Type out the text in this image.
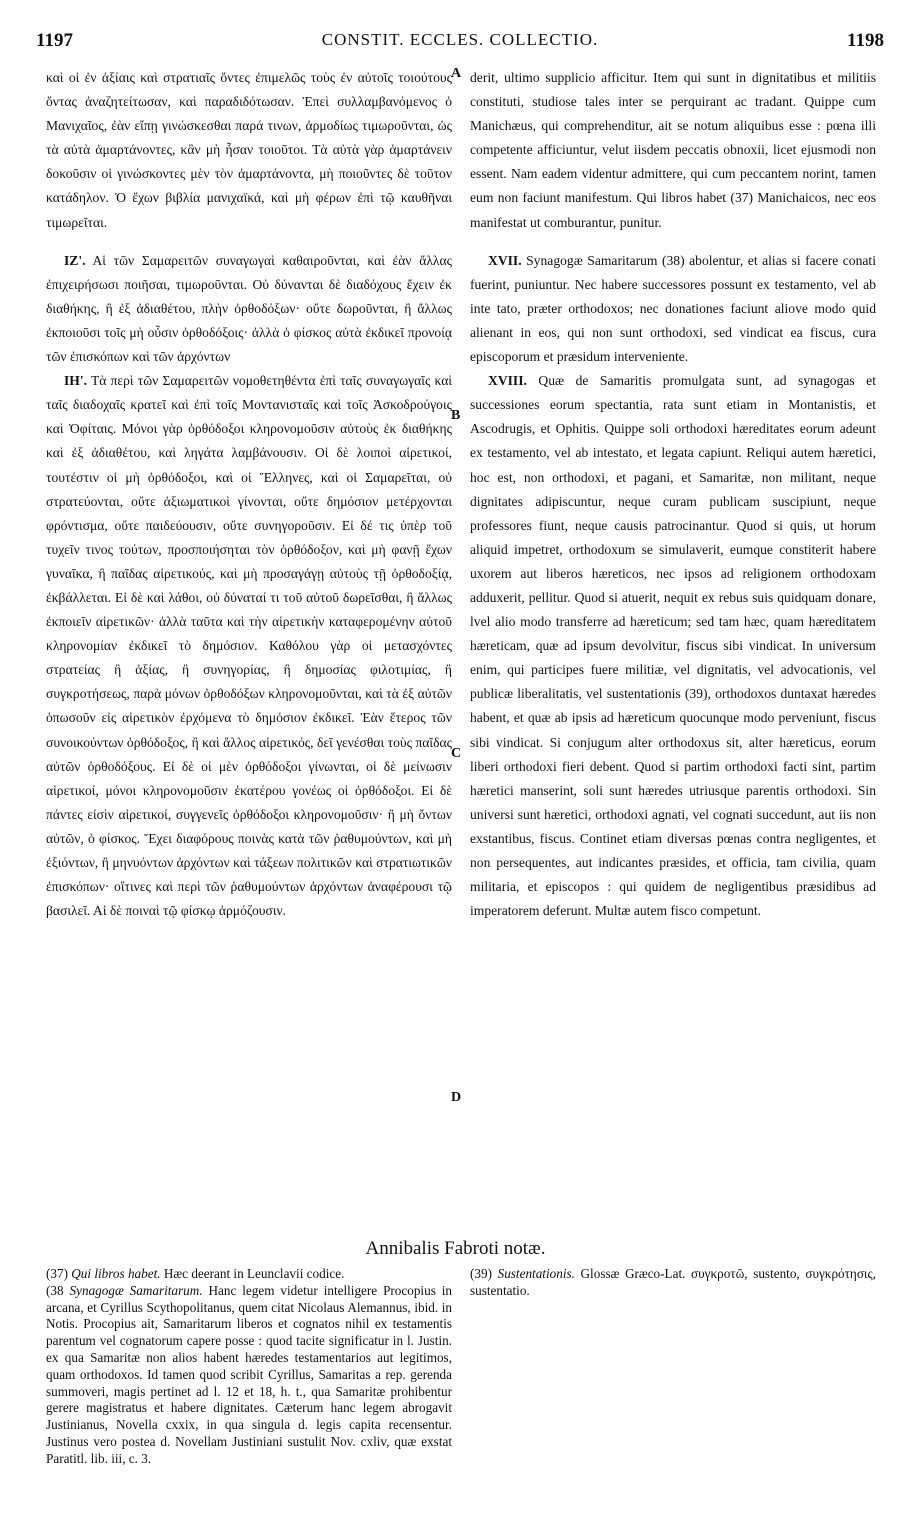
1197	CONSTIT. ECCLES. COLLECTIO.	1198

καὶ οἱ ἐν ἀξίαις καὶ στρατιαῖς ὄντες ἐπιμελῶς τοὺς ἐν αὐτοῖς τοιούτους ὄντας ἀναζητείτωσαν, καὶ παραδιδότωσαν. Ἐπεὶ συλλαμβανόμενος ὁ Μανιχαῖος, ἐὰν εἴπῃ γινώσκεσθαι παρά τινων, ἀρμοδίως τιμωροῦνται, ὡς τὰ αὐτὰ ἁμαρτάνοντες, κἂν μὴ ἦσαν τοιοῦτοι. Τὰ αὐτὰ γὰρ ἁμαρτάνειν δοκοῦσιν οἱ γινώσκοντες μὲν τὸν ἁμαρτάνοντα, μὴ ποιοῦντες δὲ τοῦτον κατάδηλον. Ὁ ἔχων βιβλία μανιχαϊκά, καὶ μὴ φέρων ἐπὶ τῷ καυθῆναι τιμωρεῖται.

ΙΖ'. Αἱ τῶν Σαμαρειτῶν συναγωγαὶ καθαιροῦνται, καὶ ἐὰν ἄλλας ἐπιχειρήσωσι ποιῆσαι, τιμωροῦνται. Οὐ δύνανται δὲ διαδόχους ἔχειν ἐκ διαθήκης, ἢ ἐξ ἀδιαθέτου, πλὴν ὀρθοδόξων· οὔτε δωροῦνται, ἢ ἄλλως ἐκποιοῦσι τοῖς μὴ οὖσιν ὀρθοδόξοις· ἀλλὰ ὁ φίσκος αὐτὰ ἐκδικεῖ προνοίᾳ τῶν ἐπισκόπων καὶ τῶν ἀρχόντων

ΙΗ'. Τὰ περὶ τῶν Σαμαρειτῶν νομοθετηθέντα ἐπὶ ταῖς συναγωγαῖς καὶ ταῖς διαδοχαῖς κρατεῖ καὶ ἐπὶ τοῖς Μοντανισταῖς καὶ τοῖς Ἀσκοδρούγοις καὶ Ὀφίταις. Μόνοι γὰρ ὀρθόδοξοι κληρονομοῦσιν αὐτοὺς ἐκ διαθήκης καὶ ἐξ ἀδιαθέτου, καὶ ληγάτα λαμβάνουσιν. Οἱ δὲ λοιποὶ αἱρετικοί, τουτέστιν οἱ μὴ ὀρθόδοξοι, καὶ οἱ Ἕλληνες, καὶ οἱ Σαμαρεῖται, οὐ στρατεύονται, οὔτε ἀξιωματικοὶ γίνονται, οὔτε δημόσιον μετέρχονται φρόντισμα, οὔτε παιδεύουσιν, οὔτε συνηγοροῦσιν. Εἰ δέ τις ὑπὲρ τοῦ τυχεῖν τινος τούτων, προσποιήσηται τὸν ὀρθόδοξον, καὶ μὴ φανῇ ἔχων γυναῖκα, ἢ παῖδας αἱρετικούς, καὶ μὴ προσαγάγῃ αὐτοὺς τῇ ὀρθοδοξίᾳ, ἐκβάλλεται. Εἰ δὲ καὶ λάθοι, οὐ δύναταί τι τοῦ αὐτοῦ δωρεῖσθαι, ἢ ἄλλως ἐκποιεῖν αἱρετικῶν· ἀλλὰ ταῦτα καὶ τὴν αἱρετικὴν καταφερομένην αὐτοῦ κληρονομίαν ἐκδικεῖ τὸ δημόσιον. Καθόλου γὰρ οἱ μετασχόντες στρατείας ἢ ἀξίας, ἢ συνηγορίας, ἢ δημοσίας φιλοτιμίας, ἢ συγκροτήσεως, παρὰ μόνων ὀρθοδόξων κληρονομοῦνται, καὶ τὰ ἐξ αὐτῶν ὁπωσοῦν εἰς αἱρετικὸν ἐρχόμενα τὸ δημόσιον ἐκδικεῖ. Ἐὰν ἕτερος τῶν συνοικούντων ὀρθόδοξος, ἢ καὶ ἄλλος αἱρετικός, δεῖ γενέσθαι τοὺς παῖδας αὐτῶν ὀρθοδόξους. Εἰ δὲ οἱ μὲν ὀρθόδοξοι γίνωνται, οἱ δὲ μείνωσιν αἱρετικοί, μόνοι κληρονομοῦσιν ἑκατέρου γονέως οἱ ὀρθόδοξοι. Εἰ δὲ πάντες εἰσὶν αἱρετικοί, συγγενεῖς ὀρθόδοξοι κληρονομοῦσιν· ἢ μὴ ὄντων αὐτῶν, ὁ φίσκος. Ἔχει διαφόρους ποινὰς κατὰ τῶν ῥαθυμούντων, καὶ μὴ ἐξιόντων, ἢ μηνυόντων ἀρχόντων καὶ τάξεων πολιτικῶν καὶ στρατιωτικῶν ἐπισκόπων· οἵτινες καὶ περὶ τῶν ῥαθυμούντων ἀρχόντων ἀναφέρουσι τῷ βασιλεῖ. Αἱ δὲ ποιναὶ τῷ φίσκῳ ἁρμόζουσιν.

A
B
C
D

derit, ultimo supplicio afficitur. Item qui sunt in dignitatibus et militiis constituti, studiose tales inter se perquirant ac tradant. Quippe cum Manichæus, qui comprehenditur, ait se notum aliquibus esse : pœna illi competente afficiuntur, velut iisdem peccatis obnoxii, licet ejusmodi non essent. Nam eadem videntur admittere, qui cum peccantem norint, tamen eum non faciunt manifestum. Qui libros habet (37) Manichaicos, nec eos manifestat ut comburantur, punitur.

XVII. Synagogæ Samaritarum (38) abolentur, et alias si facere conati fuerint, puniuntur. Nec habere successores possunt ex testamento, vel ab inte tato, præter orthodoxos; nec donationes faciunt aliove modo quid alienant in eos, qui non sunt orthodoxi, sed vindicat ea fiscus, cura episcoporum et præsidum interveniente.

XVIII. Quæ de Samaritis promulgata sunt, ad synagogas et successiones eorum spectantia, rata sunt etiam in Montanistis, et Ascodrugis, et Ophitis. Quippe soli orthodoxi hæreditates eorum adeunt ex testamento, vel ab intestato, et legata capiunt. Reliqui autem hæretici, hoc est, non orthodoxi, et pagani, et Samaritæ, non militant, neque dignitates adipiscuntur, neque curam publicam suscipiunt, neque professores fiunt, neque causis patrocinantur. Quod si quis, ut horum aliquid impetret, orthodoxum se simulaverit, eumque constiterit habere uxorem aut liberos hæreticos, nec ipsos ad religionem orthodoxam adduxerit, pellitur. Quod si atuerit, nequit ex rebus suis quidquam donare, lvel alio modo transferre ad hæreticum; sed tam hæc, quam hæreditatem hæreticam, quæ ad ipsum devolvitur, fiscus sibi vindicat. In universum enim, qui participes fuere militiæ, vel dignitatis, vel advocationis, vel publicæ liberalitatis, vel sustentationis (39), orthodoxos duntaxat hæredes habent, et quæ ab ipsis ad hæreticum quocunque modo perveniunt, fiscus sibi vindicat. Si conjugum alter orthodoxus sit, alter hæreticus, eorum liberi orthodoxi fieri debent. Quod si partim orthodoxi facti sint, partim hæretici manserint, soli sunt hæredes utriusque parentis orthodoxi. Sin universi sunt hæretici, orthodoxi agnati, vel cognati succedunt, aut iis non exstantibus, fiscus. Continet etiam diversas pœnas contra negligentes, et non persequentes, aut indicantes præsides, et officia, tam civilia, quam militaria, et episcopos : qui quidem de negligentibus præsidibus ad imperatorem deferunt. Multæ autem fisco competunt.

Annibalis Fabroti notæ.

(37) Qui libros habet. Hæc deerant in Leunclavii codice.

(38 Synagogæ Samaritarum. Hanc legem videtur intelligere Procopius in arcana, et Cyrillus Scythopolitanus, quem citat Nicolaus Alemannus, ibid. in Notis. Procopius ait, Samaritarum liberos et cognatos nihil ex testamentis parentum vel cognatorum capere posse : quod tacite significatur in l. Justin. ex qua Samaritæ non alios habent hæredes testamentarios aut legitimos, quam orthodoxos. Id tamen quod scribit Cyrillus, Samaritas a rep. gerenda summoveri, magis pertinet ad l. 12 et 18, h. t., qua Samaritæ prohibentur gerere magistratus et habere dignitates. Cæterum hanc legem abrogavit Justinianus, Novella cxxix, in qua singula d. legis capita recensentur. Justinus vero postea d. Novellam Justiniani sustulit Nov. cxliv, quæ exstat Paratitl. lib. iii, c. 3.

(39) Sustentationis. Glossæ Græco-Lat. συγκροτῶ, sustento, συγκρότησις, sustentatio.
